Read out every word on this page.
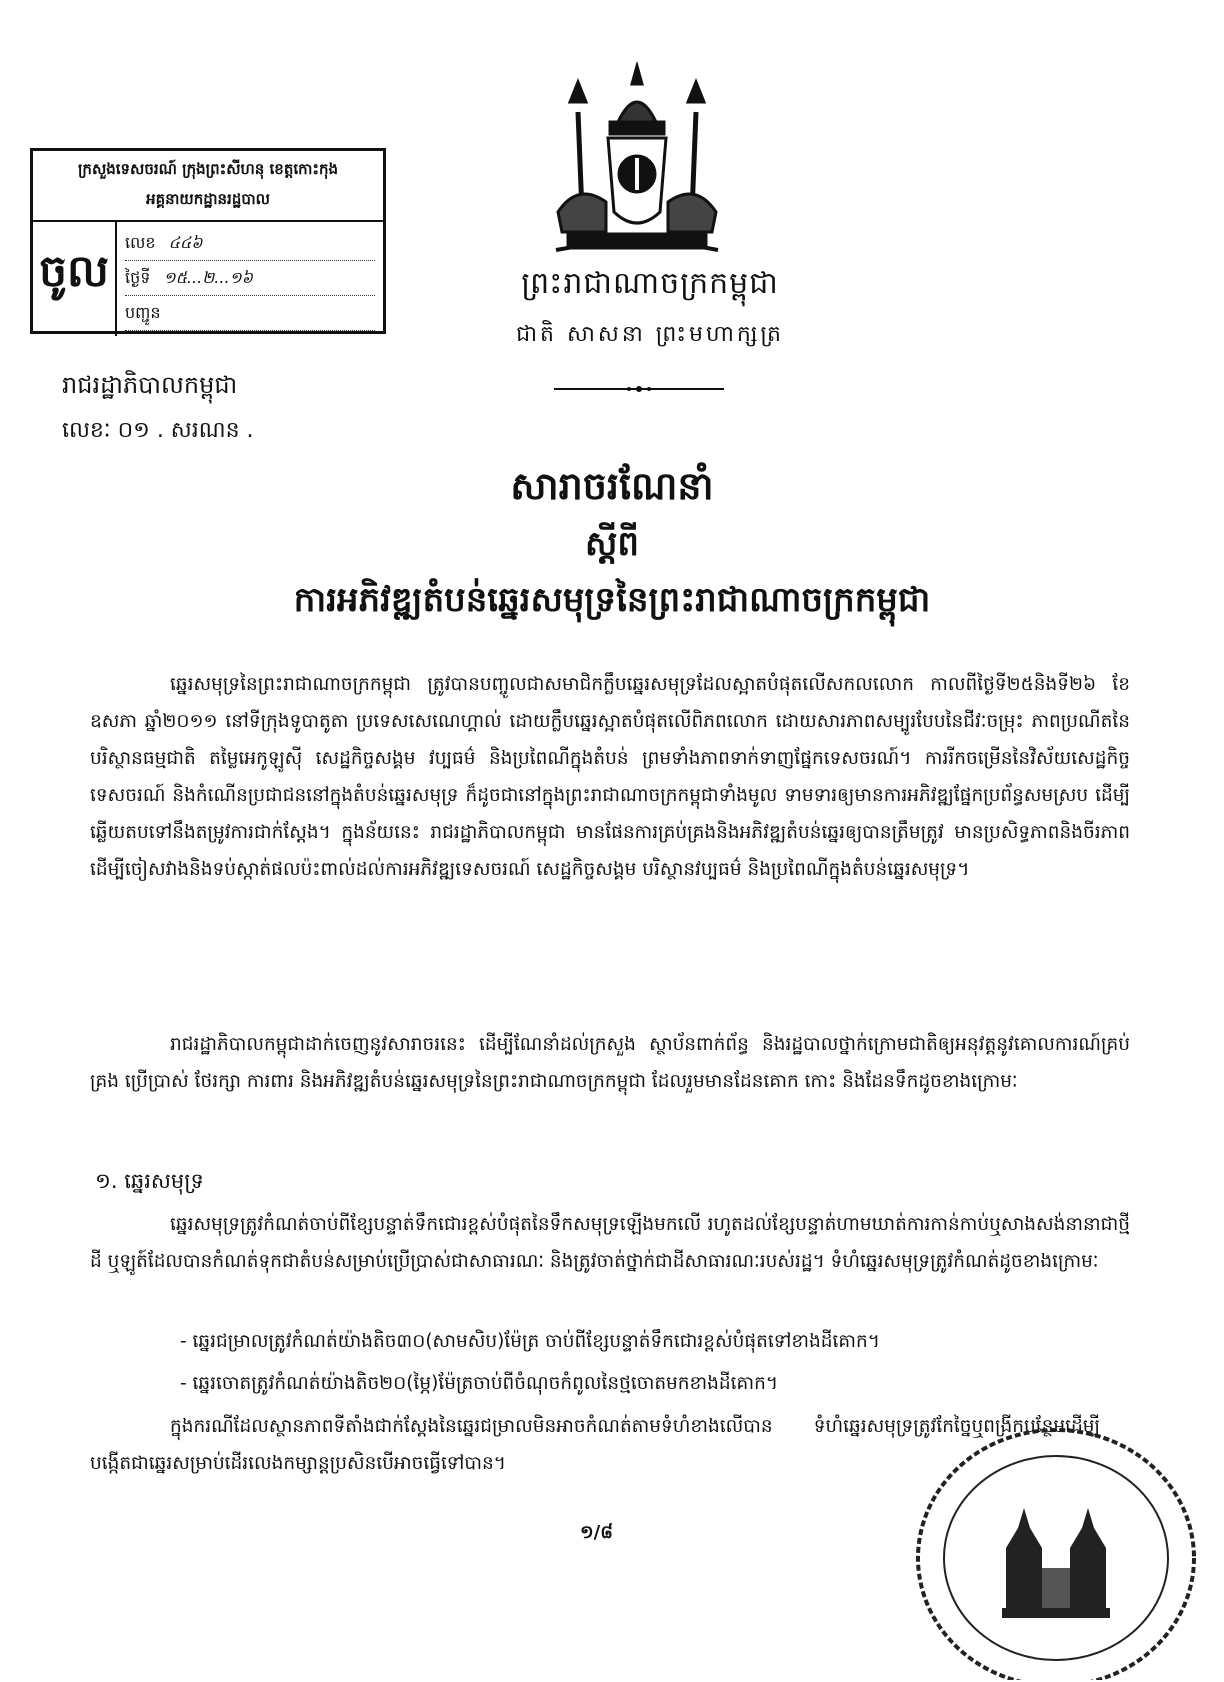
ក្រសួងទេសចរណ៍ ក្រុងព្រះសីហនុ ខេត្តកោះកុង
អគ្គនាយកដ្ឋានរដ្ឋបាល
ចូល
លេខ ៤៤៦
ថ្ងៃទី ១៥...២...១៦
បញ្ជូន
ព្រះរាជាណាចក្រកម្ពុជា
ជាតិ សាសនា ព្រះមហាក្សត្រ
រាជរដ្ឋាភិបាលកម្ពុជា
លេខៈ ០១ . សរណន .
សារាចរណែនាំ
ស្តីពី
ការអភិវឌ្ឍតំបន់ឆ្នេរសមុទ្រនៃព្រះរាជាណាចក្រកម្ពុជា
ឆ្នេរសមុទ្រនៃព្រះរាជាណាចក្រកម្ពុជា ត្រូវបានបញ្ចូលជាសមាជិកក្លឹបឆ្នេរសមុទ្រដែលស្អាតបំផុតលើសកលលោក កាលពីថ្ងៃទី២៥និងទី២៦ ខែឧសភា ឆ្នាំ២០១១ នៅទីក្រុងទូបាតូតា ប្រទេសសេណេហ្គាល់ ដោយក្លឹបឆ្នេរស្អាតបំផុតលើពិភពលោក ដោយសារភាពសម្បូរបែបនៃជីវៈចម្រុះ ភាពប្រណីតនៃបរិស្ថានធម្មជាតិ តម្លៃអេកូឡូស៊ី សេដ្ឋកិច្ចសង្គម វប្បធម៌ និងប្រពៃណីក្នុងតំបន់ ព្រមទាំងភាពទាក់ទាញផ្នែកទេសចរណ៍។ ការរីកចម្រើននៃវិស័យសេដ្ឋកិច្ច ទេសចរណ៍ និងកំណើនប្រជាជននៅក្នុងតំបន់ឆ្នេរសមុទ្រ ក៏ដូចជានៅក្នុងព្រះរាជាណាចក្រកម្ពុជាទាំងមូល ទាមទារឲ្យមានការអភិវឌ្ឍផ្នែកប្រព័ន្ធសមស្រប ដើម្បីឆ្លើយតបទៅនឹងតម្រូវការជាក់ស្តែង។ ក្នុងន័យនេះ រាជរដ្ឋាភិបាលកម្ពុជា មានផែនការគ្រប់គ្រងនិងអភិវឌ្ឍតំបន់ឆ្នេរឲ្យបានត្រឹមត្រូវ មានប្រសិទ្ធភាពនិងចីរភាព ដើម្បីចៀសវាងនិងទប់ស្កាត់ផលប៉ះពាល់ដល់ការអភិវឌ្ឍទេសចរណ៍ សេដ្ឋកិច្ចសង្គម បរិស្ថានវប្បធម៌ និងប្រពៃណីក្នុងតំបន់ឆ្នេរសមុទ្រ។
រាជរដ្ឋាភិបាលកម្ពុជាដាក់ចេញនូវសារាចរនេះ ដើម្បីណែនាំដល់ក្រសួង ស្ថាប័នពាក់ព័ន្ធ និងរដ្ឋបាលថ្នាក់ក្រោមជាតិឲ្យអនុវត្តនូវគោលការណ៍គ្រប់គ្រង ប្រើប្រាស់ ថែរក្សា ការពារ និងអភិវឌ្ឍតំបន់ឆ្នេរសមុទ្រនៃព្រះរាជាណាចក្រកម្ពុជា ដែលរួមមានដែនគោក កោះ និងដែនទឹកដូចខាងក្រោមៈ
១. ឆ្នេរសមុទ្រ
ឆ្នេរសមុទ្រត្រូវកំណត់ចាប់ពីខ្សែបន្ទាត់ទឹកជោរខ្ពស់បំផុតនៃទឹកសមុទ្រឡើងមកលើ រហូតដល់ខ្សែបន្ទាត់ហាមឃាត់ការកាន់កាប់ឬសាងសង់នានាជាថ្មី ដី ឬឡូត៍ដែលបានកំណត់ទុកជាតំបន់សម្រាប់ប្រើប្រាស់ជាសាធារណៈ និងត្រូវចាត់ថ្នាក់ជាដីសាធារណៈរបស់រដ្ឋ។ ទំហំឆ្នេរសមុទ្រត្រូវកំណត់ដូចខាងក្រោមៈ
- ឆ្នេរជម្រាលត្រូវកំណត់យ៉ាងតិច៣០(សាមសិប)ម៉ែត្រ ចាប់ពីខ្សែបន្ទាត់ទឹកជោរខ្ពស់បំផុតទៅខាងដីគោក។
- ឆ្នេរចោតត្រូវកំណត់យ៉ាងតិច២០(ម្ភៃ)ម៉ែត្រចាប់ពីចំណុចកំពូលនៃថ្មចោតមកខាងដីគោក។
ក្នុងករណីដែលស្ថានភាពទីតាំងជាក់ស្តែងនៃឆ្នេរជម្រាលមិនអាចកំណត់តាមទំហំខាងលើបាន ទំហំឆ្នេរសមុទ្រត្រូវកែច្នៃឬពង្រីកបន្ថែមដើម្បីបង្កើតជាឆ្នេរសម្រាប់ដើរលេងកម្សាន្តប្រសិនបើអាចធ្វើទៅបាន។
១/៨
